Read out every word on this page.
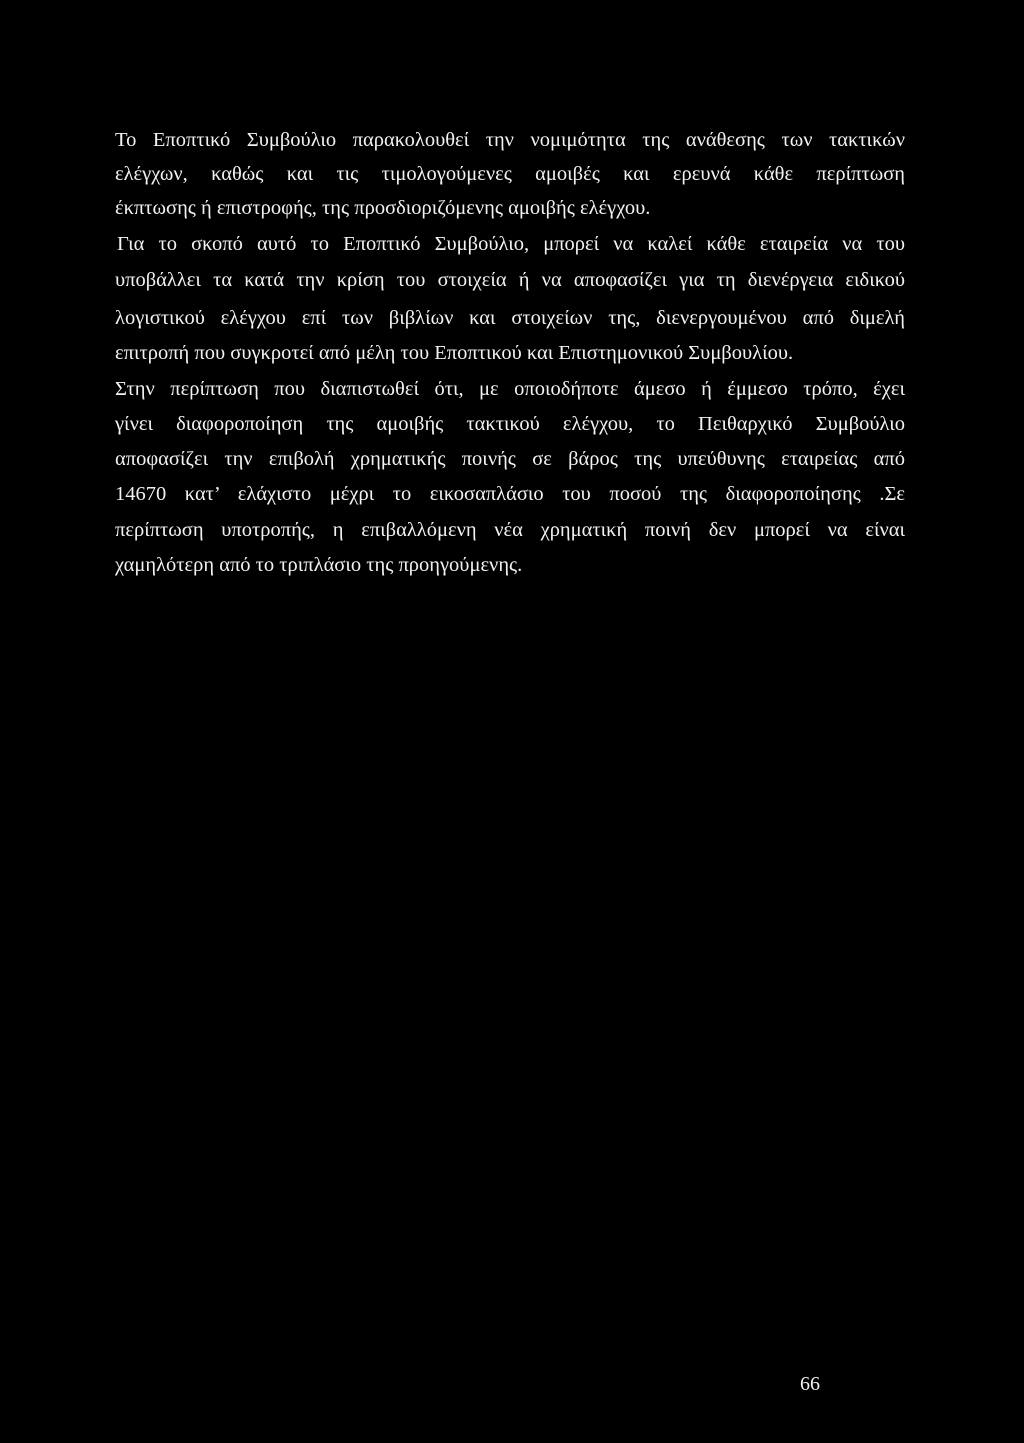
Το Εποπτικό Συμβούλιο παρακολουθεί την νομιμότητα της ανάθεσης των τακτικών
ελέγχων, καθώς και τις τιμολογούμενες αμοιβές και ερευνά κάθε περίπτωση
έκπτωσης ή επιστροφής, της προσδιοριζόμενης αμοιβής ελέγχου.
Για το σκοπό αυτό το Εποπτικό Συμβούλιο, μπορεί να καλεί κάθε εταιρεία να του
υποβάλλει τα κατά την κρίση του στοιχεία ή να αποφασίζει για τη διενέργεια ειδικού
λογιστικού ελέγχου επί των βιβλίων και στοιχείων της, διενεργουμένου από διμελή
επιτροπή που συγκροτεί από μέλη του Εποπτικού και Επιστημονικού Συμβουλίου.
Στην περίπτωση που διαπιστωθεί ότι, με οποιοδήποτε άμεσο ή έμμεσο τρόπο, έχει
γίνει διαφοροποίηση της αμοιβής τακτικού ελέγχου, το Πειθαρχικό Συμβούλιο
αποφασίζει την επιβολή χρηματικής ποινής σε βάρος της υπεύθυνης εταιρείας από
14670 κατ’ ελάχιστο μέχρι το εικοσαπλάσιο του ποσού της διαφοροποίησης .Σε
περίπτωση υποτροπής, η επιβαλλόμενη νέα χρηματική ποινή δεν μπορεί να είναι
χαμηλότερη από το τριπλάσιο της προηγούμενης.
66
